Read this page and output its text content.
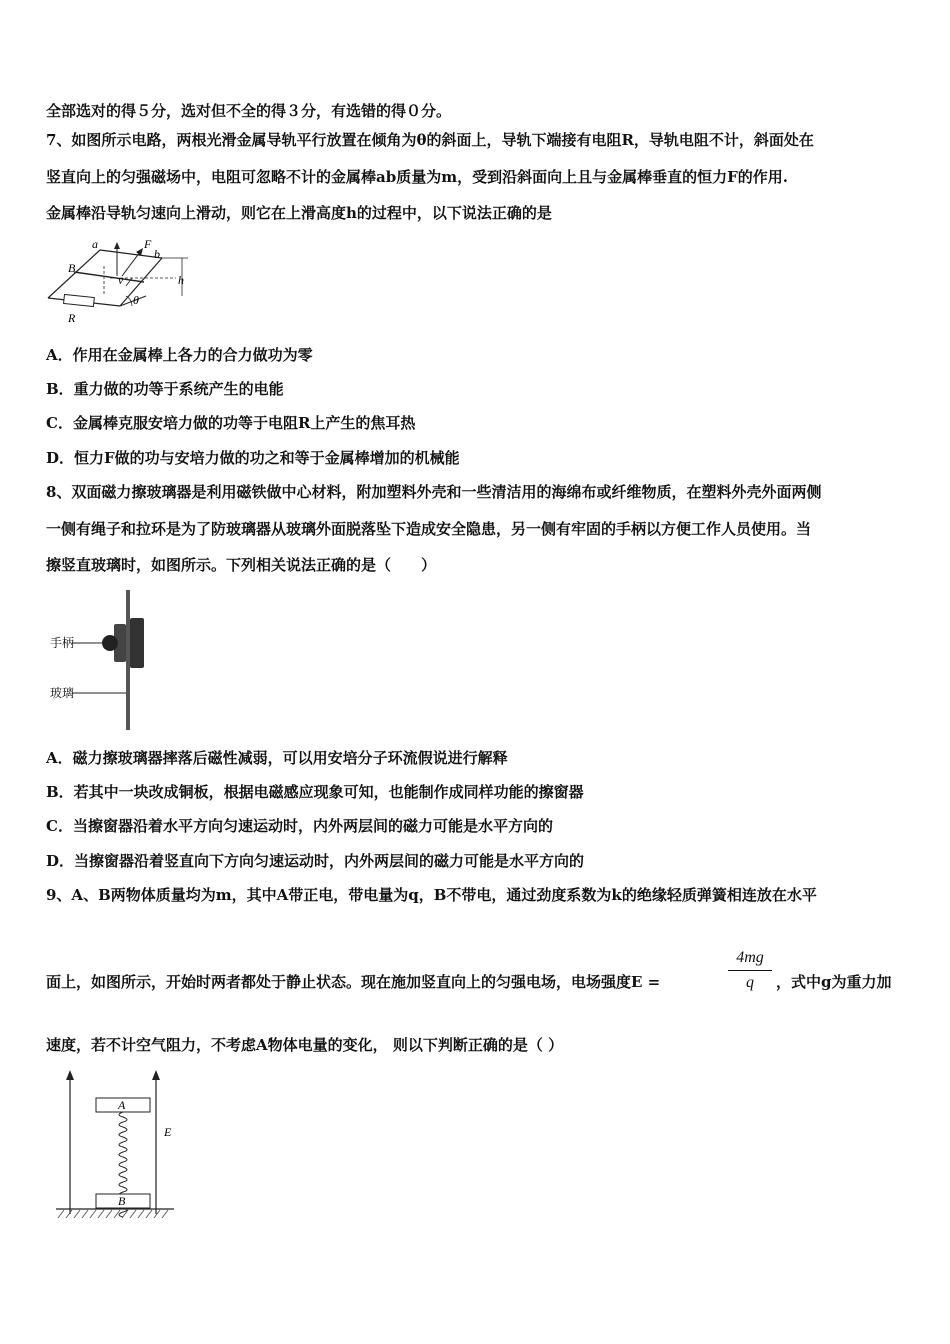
全部选对的得５分，选对但不全的得３分，有选错的得０分。
7、如图所示电路，两根光滑金属导轨平行放置在倾角为θ的斜面上，导轨下端接有电阻R，导轨电阻不计，斜面处在
竖直向上的匀强磁场中，电阻可忽略不计的金属棒ab质量为m，受到沿斜面向上且与金属棒垂直的恒力F的作用.
金属棒沿导轨匀速向上滑动，则它在上滑高度h的过程中，以下说法正确的是
a
b
F
B
v	h
θ
R
A．作用在金属棒上各力的合力做功为零
B．重力做的功等于系统产生的电能
C．金属棒克服安培力做的功等于电阻R上产生的焦耳热
D．恒力F做的功与安培力做的功之和等于金属棒增加的机械能
8、双面磁力擦玻璃器是利用磁铁做中心材料，附加塑料外壳和一些清洁用的海绵布或纤维物质，在塑料外壳外面两侧
一侧有绳子和拉环是为了防玻璃器从玻璃外面脱落坠下造成安全隐患，另一侧有牢固的手柄以方便工作人员使用。当
擦竖直玻璃时，如图所示。下列相关说法正确的是（　　）
手柄
玻璃
A．磁力擦玻璃器摔落后磁性减弱，可以用安培分子环流假说进行解释
B．若其中一块改成铜板，根据电磁感应现象可知，也能制作成同样功能的擦窗器
C．当擦窗器沿着水平方向匀速运动时，内外两层间的磁力可能是水平方向的
D．当擦窗器沿着竖直向下方向匀速运动时，内外两层间的磁力可能是水平方向的
9、A、B两物体质量均为m，其中A带正电，带电量为q，B不带电，通过劲度系数为k的绝缘轻质弹簧相连放在水平
面上，如图所示，开始时两者都处于静止状态。现在施加竖直向上的匀强电场，电场强度E =
4mg
q	，式中g为重力加
速度，若不计空气阻力，不考虑A物体电量的变化， 则以下判断正确的是（ ）
A
B
E
